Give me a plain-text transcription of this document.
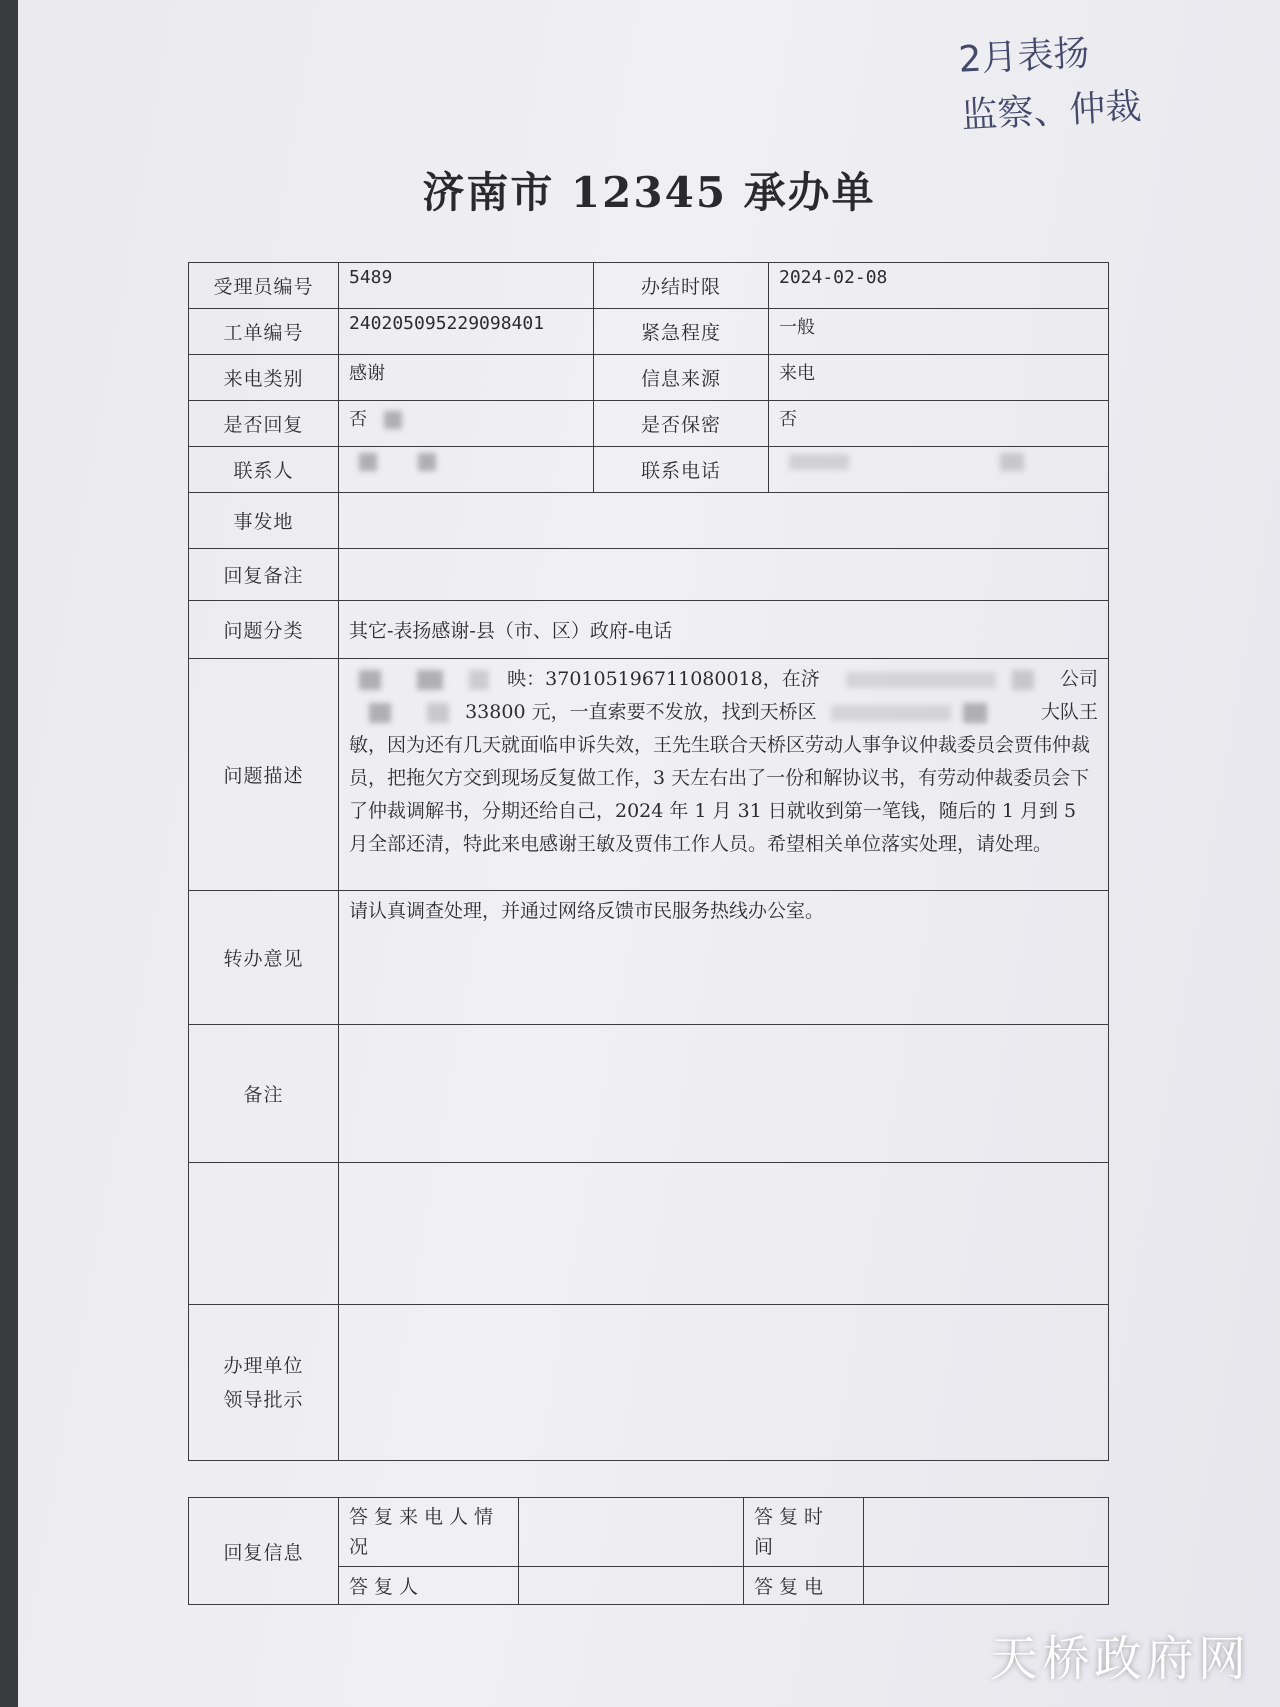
2月表扬
监察、仲裁
济南市 12345 承办单
受理员编号	5489	办结时限	2024-02-08
工单编号	240205095229098401	紧急程度	一般
来电类别	感谢	信息来源	来电
是否回复	否	是否保密	否
联系人		联系电话	
事发地			
回复备注			
问题分类	其它-表扬感谢-县（市、区）政府-电话		
问题描述	映：370105196711080018，在济 公司
33800 元，一直索要不发放，找到天桥区 大队王
敏，因为还有几天就面临申诉失效，王先生联合天桥区劳动人事争议仲裁委员会贾伟仲裁员，把拖欠方交到现场反复做工作，3 天左右出了一份和解协议书，有劳动仲裁委员会下了仲裁调解书，分期还给自己，2024 年 1 月 31 日就收到第一笔钱，随后的 1 月到 5 月全部还清，特此来电感谢王敏及贾伟工作人员。希望相关单位落实处理，请处理。		

转办意见	请认真调查处理，并通过网络反馈市民服务热线办公室。		
备注			

办理单位
领导批示			

回复信息	答复来电人情况		答复时间	
	答复人		答复电	
天桥政府网
